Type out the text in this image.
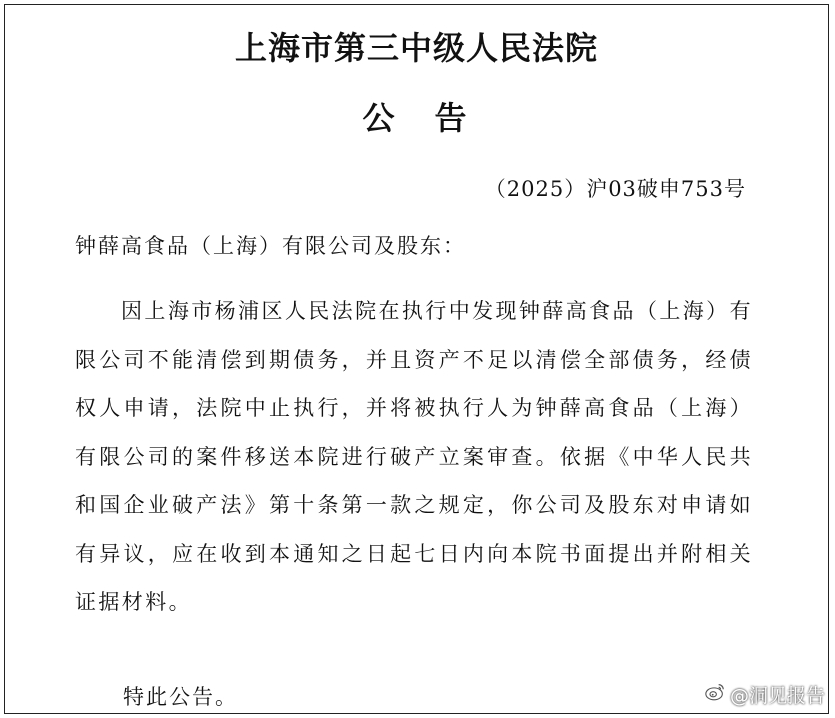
上海市第三中级人民法院
公告
（2025）沪03破申753号
钟薛高食品（上海）有限公司及股东：

因上海市杨浦区人民法院在执行中发现钟薛高食品（上海）有限公司不能清偿到期债务，并且资产不足以清偿全部债务，经债权人申请，法院中止执行，并将被执行人为钟薛高食品（上海）有限公司的案件移送本院进行破产立案审查。依据《中华人民共和国企业破产法》第十条第一款之规定，你公司及股东对申请如有异议，应在收到本通知之日起七日内向本院书面提出并附相关证据材料。

特此公告。	@洞见报告
